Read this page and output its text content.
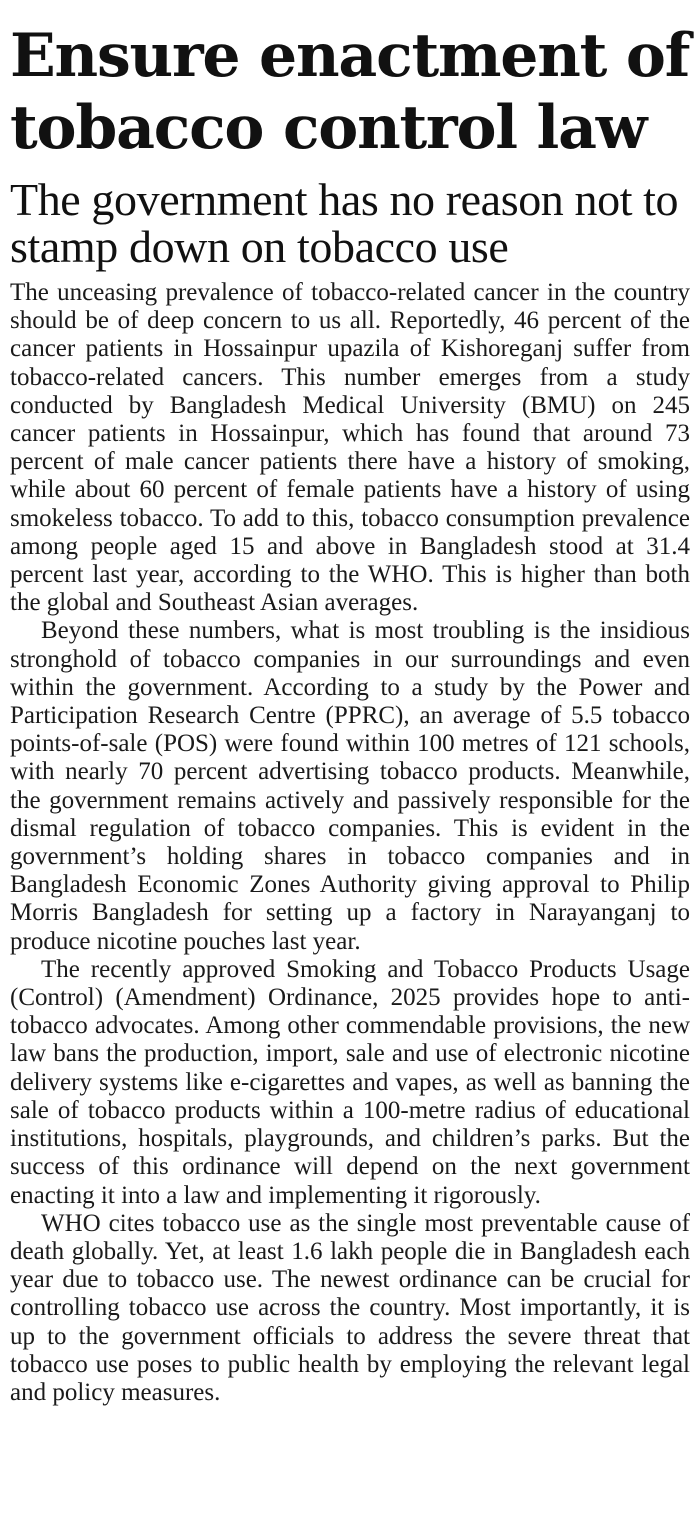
Ensure enactment of tobacco control law
The government has no reason not to stamp down on tobacco use

The unceasing prevalence of tobacco-related cancer in the country should be of deep concern to us all. Reportedly, 46 percent of the cancer patients in Hossainpur upazila of Kishoreganj suffer from tobacco-related cancers. This number emerges from a study conducted by Bangladesh Medical University (BMU) on 245 cancer patients in Hossainpur, which has found that around 73 percent of male cancer patients there have a history of smoking, while about 60 percent of female patients have a history of using smokeless tobacco. To add to this, tobacco consumption prevalence among people aged 15 and above in Bangladesh stood at 31.4 percent last year, according to the WHO. This is higher than both the global and Southeast Asian averages.

Beyond these numbers, what is most troubling is the insidious stronghold of tobacco companies in our surroundings and even within the government. According to a study by the Power and Participation Research Centre (PPRC), an average of 5.5 tobacco points-of-sale (POS) were found within 100 metres of 121 schools, with nearly 70 percent advertising tobacco products. Meanwhile, the government remains actively and passively responsible for the dismal regulation of tobacco companies. This is evident in the government’s holding shares in tobacco companies and in Bangladesh Economic Zones Authority giving approval to Philip Morris Bangladesh for setting up a factory in Narayanganj to produce nicotine pouches last year.

The recently approved Smoking and Tobacco Products Usage (Control) (Amendment) Ordinance, 2025 provides hope to anti-tobacco advocates. Among other commendable provisions, the new law bans the production, import, sale and use of electronic nicotine delivery systems like e-cigarettes and vapes, as well as banning the sale of tobacco products within a 100-metre radius of educational institutions, hospitals, playgrounds, and children’s parks. But the success of this ordinance will depend on the next government enacting it into a law and implementing it rigorously.

WHO cites tobacco use as the single most preventable cause of death globally. Yet, at least 1.6 lakh people die in Bangladesh each year due to tobacco use. The newest ordinance can be crucial for controlling tobacco use across the country. Most importantly, it is up to the government officials to address the severe threat that tobacco use poses to public health by employing the relevant legal and policy measures.
